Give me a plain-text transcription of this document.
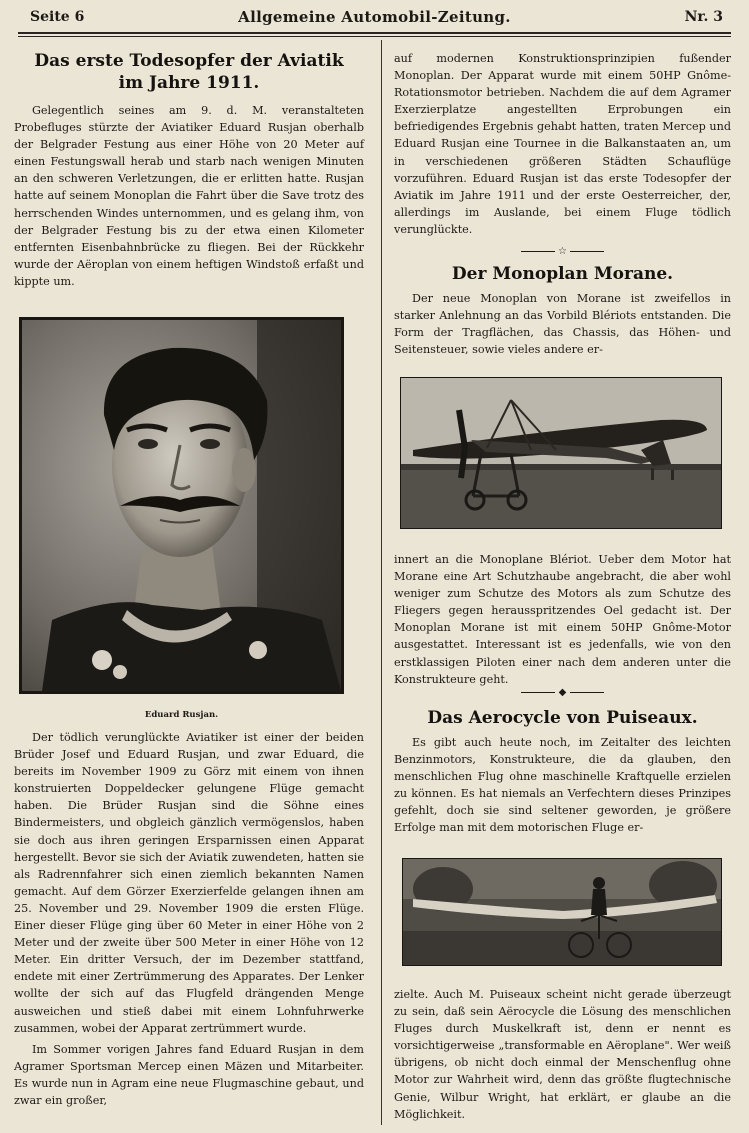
Seite 6	Allgemeine Automobil-Zeitung.	Nr. 3
Das erste Todesopfer der Aviatik im Jahre 1911.

Gelegentlich seines am 9. d. M. veranstalteten Probefluges stürzte der Aviatiker Eduard Rusjan oberhalb der Belgrader Festung aus einer Höhe von 20 Meter auf einen Festungswall herab und starb nach wenigen Minuten an den schweren Verletzungen, die er erlitten hatte. Rusjan hatte auf seinem Monoplan die Fahrt über die Save trotz des herrschenden Windes unternommen, und es gelang ihm, von der Belgrader Festung bis zu der etwa einen Kilometer entfernten Eisenbahnbrücke zu fliegen. Bei der Rückkehr wurde der Aëroplan von einem heftigen Windstoß erfaßt und kippte um.

Eduard Rusjan.

Der tödlich verunglückte Aviatiker ist einer der beiden Brüder Josef und Eduard Rusjan, und zwar Eduard, die bereits im November 1909 zu Görz mit einem von ihnen konstruierten Doppeldecker gelungene Flüge gemacht haben. Die Brüder Rusjan sind die Söhne eines Bindermeisters, und obgleich gänzlich vermögenslos, haben sie doch aus ihren geringen Ersparnissen einen Apparat hergestellt. Bevor sie sich der Aviatik zuwendeten, hatten sie als Radrennfahrer sich einen ziemlich bekannten Namen gemacht. Auf dem Görzer Exerzierfelde gelangen ihnen am 25. November und 29. November 1909 die ersten Flüge. Einer dieser Flüge ging über 60 Meter in einer Höhe von 2 Meter und der zweite über 500 Meter in einer Höhe von 12 Meter. Ein dritter Versuch, der im Dezember stattfand, endete mit einer Zertrümmerung des Apparates. Der Lenker wollte der sich auf das Flugfeld drängenden Menge ausweichen und stieß dabei mit einem Lohnfuhrwerke zusammen, wobei der Apparat zertrümmert wurde.

Im Sommer vorigen Jahres fand Eduard Rusjan in dem Agramer Sportsman Mercep einen Mäzen und Mitarbeiter. Es wurde nun in Agram eine neue Flugmaschine gebaut, und zwar ein großer,

auf modernen Konstruktionsprinzipien fußender Monoplan. Der Apparat wurde mit einem 50HP Gnôme-Rotationsmotor betrieben. Nachdem die auf dem Agramer Exerzierplatze angestellten Erprobungen ein befriedigendes Ergebnis gehabt hatten, traten Mercep und Eduard Rusjan eine Tournee in die Balkanstaaten an, um in verschiedenen größeren Städten Schauflüge vorzuführen. Eduard Rusjan ist das erste Todesopfer der Aviatik im Jahre 1911 und der erste Oesterreicher, der, allerdings im Auslande, bei einem Fluge tödlich verunglückte.

☆
Der Monoplan Morane.

Der neue Monoplan von Morane ist zweifellos in starker Anlehnung an das Vorbild Blériots entstanden. Die Form der Tragflächen, das Chassis, das Höhen- und Seitensteuer, sowie vieles andere er-

innert an die Monoplane Blériot. Ueber dem Motor hat Morane eine Art Schutzhaube angebracht, die aber wohl weniger zum Schutze des Motors als zum Schutze des Fliegers gegen herausspritzendes Oel gedacht ist. Der Monoplan Morane ist mit einem 50HP Gnôme-Motor ausgestattet. Interessant ist es jedenfalls, wie von den erstklassigen Piloten einer nach dem anderen unter die Konstrukteure geht.

◆
Das Aerocycle von Puiseaux.

Es gibt auch heute noch, im Zeitalter des leichten Benzinmotors, Konstrukteure, die da glauben, den menschlichen Flug ohne maschinelle Kraftquelle erzielen zu können. Es hat niemals an Verfechtern dieses Prinzipes gefehlt, doch sie sind seltener geworden, je größere Erfolge man mit dem motorischen Fluge er-

zielte. Auch M. Puiseaux scheint nicht gerade überzeugt zu sein, daß sein Aërocycle die Lösung des menschlichen Fluges durch Muskelkraft ist, denn er nennt es vorsichtigerweise „transformable en Aëroplane". Wer weiß übrigens, ob nicht doch einmal der Menschenflug ohne Motor zur Wahrheit wird, denn das größte flugtechnische Genie, Wilbur Wright, hat erklärt, er glaube an die Möglichkeit.
